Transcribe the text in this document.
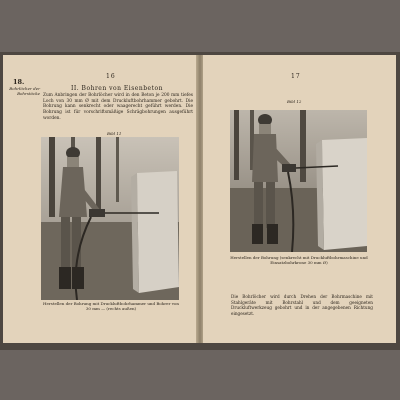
16
18.
Bohrlöcher der Bohrstöcke
II. Bohren von Eisenbeton

Zum Anbringen der Bohrlöcher wird in den Beton je 200 mm tiefes Loch von 30 mm Ø mit dem Druckluftbohrhammer gebohrt. Die Bohrung kann senkrecht oder waagerecht geführt werden. Die Bohrung ist für vorschriftsmäßige Schrägbohrungen ausgeführt worden.

Bild 11

Herstellen der Bohrung mit Druckluftbohrhammer und Bohrer von 30 mm — (rechts außen)

17
Bild 12

Herstellen der Bohrung (senkrecht mit Druckluftbohrmaschine und Einsatzbohrkrone 30 mm Ø)

Die Bohrlöcher wird durch Drehen der Bohrmaschine mit Stahlgeräte mit Bohrstahl und dem geeigneten Druckluftwerkzeug gebohrt und in der angegebenen Richtung eingesetzt.
